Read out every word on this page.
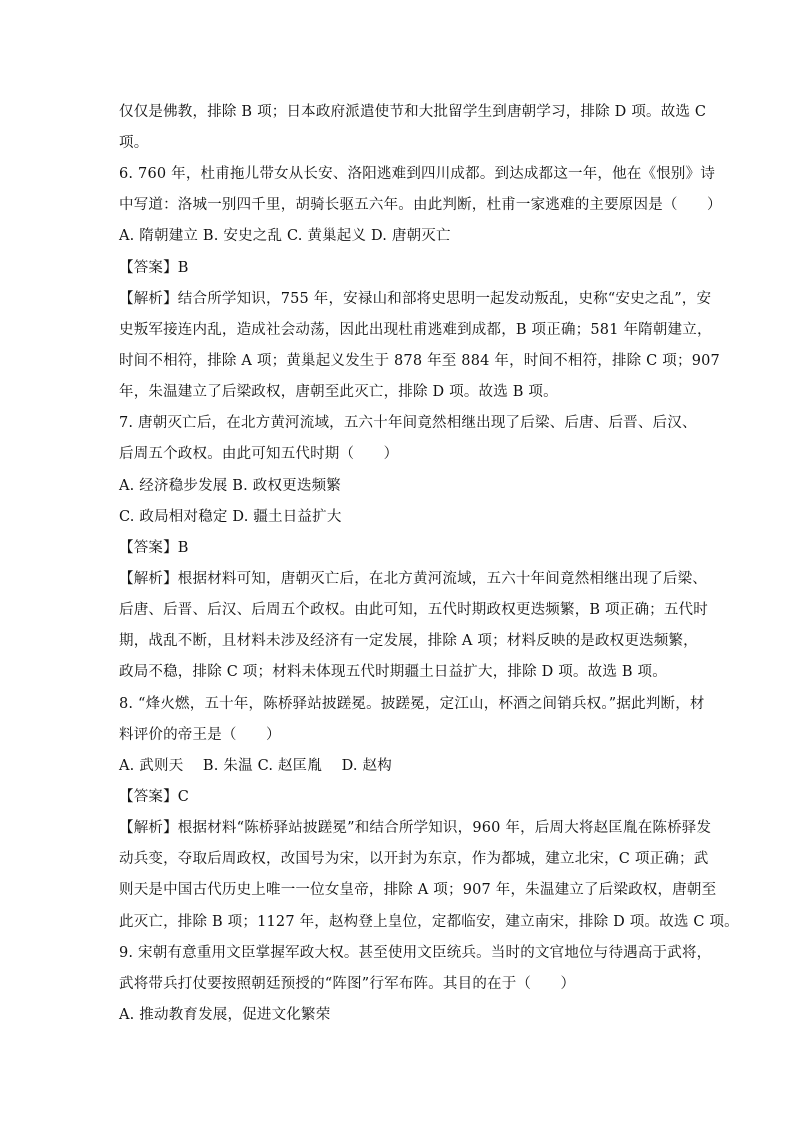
仅仅是佛教，排除 B 项；日本政府派遣使节和大批留学生到唐朝学习，排除 D 项。故选 C
项。
6. 760 年，杜甫拖儿带女从长安、洛阳逃难到四川成都。到达成都这一年，他在《恨别》诗
中写道：洛城一别四千里，胡骑长驱五六年。由此判断，杜甫一家逃难的主要原因是（　　）
A. 隋朝建立 B. 安史之乱 C. 黄巢起义 D. 唐朝灭亡
【答案】B
【解析】结合所学知识，755 年，安禄山和部将史思明一起发动叛乱，史称“安史之乱”，安
史叛军接连内乱，造成社会动荡，因此出现杜甫逃难到成都，B 项正确；581 年隋朝建立，
时间不相符，排除 A 项；黄巢起义发生于 878 年至 884 年，时间不相符，排除 C 项；907
年，朱温建立了后梁政权，唐朝至此灭亡，排除 D 项。故选 B 项。
7. 唐朝灭亡后，在北方黄河流域，五六十年间竟然相继出现了后梁、后唐、后晋、后汉、
后周五个政权。由此可知五代时期（　　）
A. 经济稳步发展 B. 政权更迭频繁
C. 政局相对稳定 D. 疆土日益扩大
【答案】B
【解析】根据材料可知，唐朝灭亡后，在北方黄河流域，五六十年间竟然相继出现了后梁、
后唐、后晋、后汉、后周五个政权。由此可知，五代时期政权更迭频繁，B 项正确；五代时
期，战乱不断，且材料未涉及经济有一定发展，排除 A 项；材料反映的是政权更迭频繁，
政局不稳，排除 C 项；材料未体现五代时期疆土日益扩大，排除 D 项。故选 B 项。
8. “烽火燃，五十年，陈桥驿站披蹉冕。披蹉冕，定江山，杯酒之间销兵权。”据此判断，材
料评价的帝王是（　　）
A. 武则天　 B. 朱温 C. 赵匡胤　 D. 赵构
【答案】C
【解析】根据材料“陈桥驿站披蹉冕”和结合所学知识，960 年，后周大将赵匡胤在陈桥驿发
动兵变，夺取后周政权，改国号为宋，以开封为东京，作为都城，建立北宋，C 项正确；武
则天是中国古代历史上唯一一位女皇帝，排除 A 项；907 年，朱温建立了后梁政权，唐朝至
此灭亡，排除 B 项；1127 年，赵构登上皇位，定都临安，建立南宋，排除 D 项。故选 C 项。
9. 宋朝有意重用文臣掌握军政大权。甚至使用文臣统兵。当时的文官地位与待遇高于武将，
武将带兵打仗要按照朝廷预授的“阵图”行军布阵。其目的在于（　　）
A. 推动教育发展，促进文化繁荣
